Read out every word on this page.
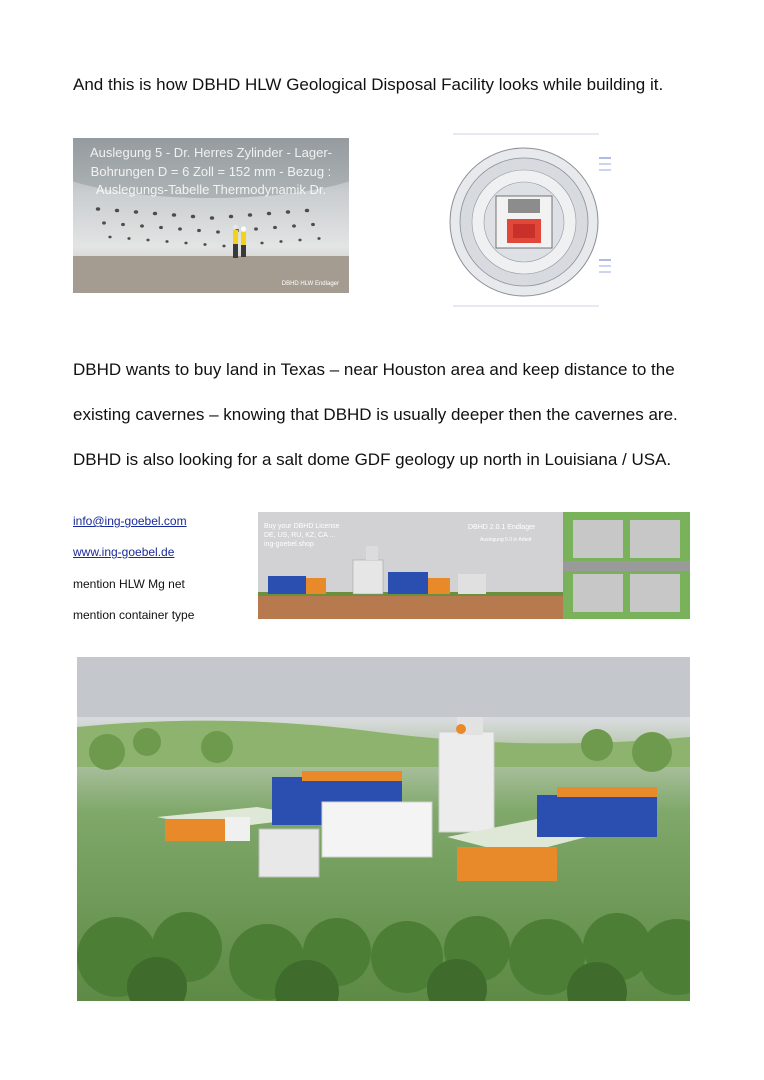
And this is how DBHD HLW Geological Disposal Facility looks while building it.
Auslegung 5 - Dr. Herres Zylinder - Lager-
Bohrungen D = 6 Zoll = 152 mm - Bezug :
Auslegungs-Tabelle Thermodynamik Dr.
DBHD HLW Endlager
DBHD wants to buy land in Texas – near Houston area and keep distance to the
existing cavernes – knowing that DBHD is usually deeper then the cavernes are.
DBHD is also looking for a salt dome GDF geology up north in Louisiana / USA.
info@ing-goebel.com
www.ing-goebel.de
mention HLW Mg net
mention container type
Buy your DBHD License
DE, US, RU, KZ, CA ...
ing-goebel.shop
DBHD 2.0.1 Endlager
Auslegung 5.0 in Arbeit
